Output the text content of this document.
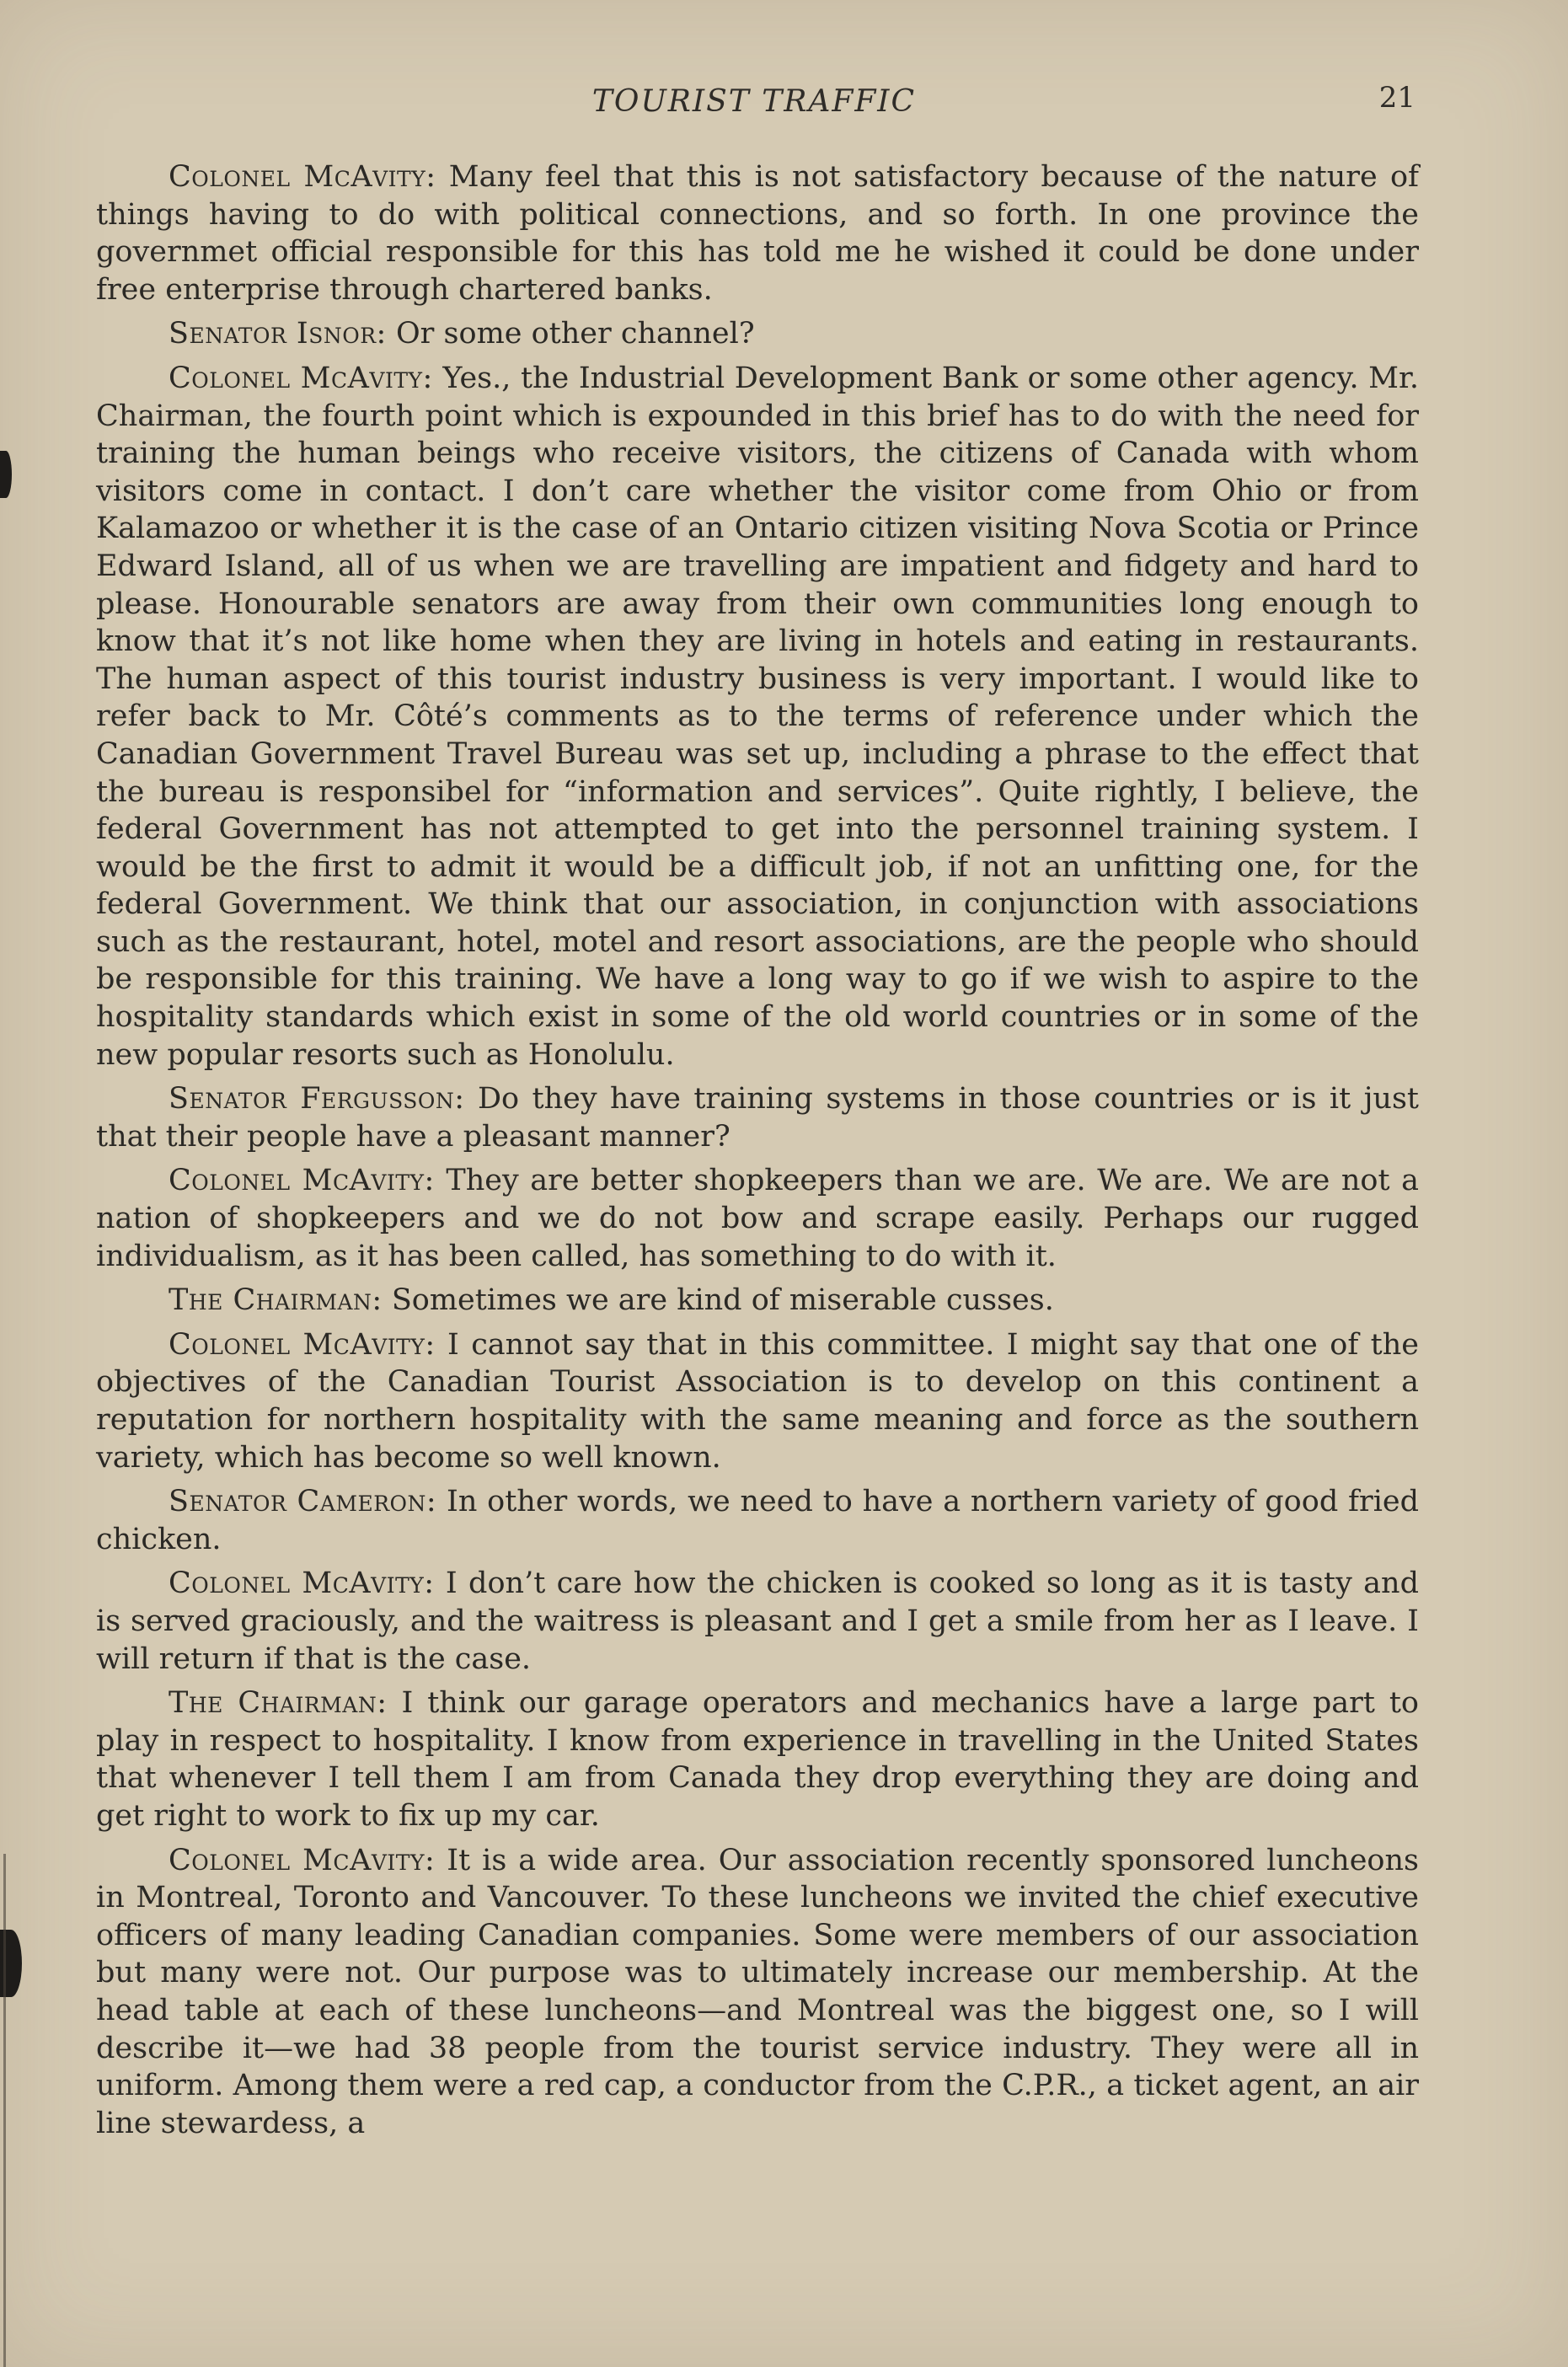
TOURIST TRAFFIC	21

Colonel McAvity: Many feel that this is not satisfactory because of the nature of things having to do with political connections, and so forth. In one province the governmet official responsible for this has told me he wished it could be done under free enterprise through chartered banks.

Senator Isnor: Or some other channel?

Colonel McAvity: Yes., the Industrial Development Bank or some other agency. Mr. Chairman, the fourth point which is expounded in this brief has to do with the need for training the human beings who receive visitors, the citizens of Canada with whom visitors come in contact. I don’t care whether the visitor come from Ohio or from Kalamazoo or whether it is the case of an Ontario citizen visiting Nova Scotia or Prince Edward Island, all of us when we are travelling are impatient and fidgety and hard to please. Honourable senators are away from their own communities long enough to know that it’s not like home when they are living in hotels and eating in restaurants. The human aspect of this tourist industry business is very important. I would like to refer back to Mr. Côté’s comments as to the terms of reference under which the Canadian Government Travel Bureau was set up, including a phrase to the effect that the bureau is responsibel for “information and services”. Quite rightly, I believe, the federal Government has not attempted to get into the personnel training system. I would be the first to admit it would be a difficult job, if not an unfitting one, for the federal Government. We think that our association, in conjunction with associations such as the restaurant, hotel, motel and resort associations, are the people who should be responsible for this training. We have a long way to go if we wish to aspire to the hospitality standards which exist in some of the old world countries or in some of the new popular resorts such as Honolulu.

Senator Fergusson: Do they have training systems in those countries or is it just that their people have a pleasant manner?

Colonel McAvity: They are better shopkeepers than we are. We are. We are not a nation of shopkeepers and we do not bow and scrape easily. Perhaps our rugged individualism, as it has been called, has something to do with it.

The Chairman: Sometimes we are kind of miserable cusses.

Colonel McAvity: I cannot say that in this committee. I might say that one of the objectives of the Canadian Tourist Association is to develop on this continent a reputation for northern hospitality with the same meaning and force as the southern variety, which has become so well known.

Senator Cameron: In other words, we need to have a northern variety of good fried chicken.

Colonel McAvity: I don’t care how the chicken is cooked so long as it is tasty and is served graciously, and the waitress is pleasant and I get a smile from her as I leave. I will return if that is the case.

The Chairman: I think our garage operators and mechanics have a large part to play in respect to hospitality. I know from experience in travelling in the United States that whenever I tell them I am from Canada they drop everything they are doing and get right to work to fix up my car.

Colonel McAvity: It is a wide area. Our association recently sponsored luncheons in Montreal, Toronto and Vancouver. To these luncheons we invited the chief executive officers of many leading Canadian companies. Some were members of our association but many were not. Our purpose was to ultimately increase our membership. At the head table at each of these luncheons—and Montreal was the biggest one, so I will describe it—we had 38 people from the tourist service industry. They were all in uniform. Among them were a red cap, a conductor from the C.P.R., a ticket agent, an air line stewardess, a
